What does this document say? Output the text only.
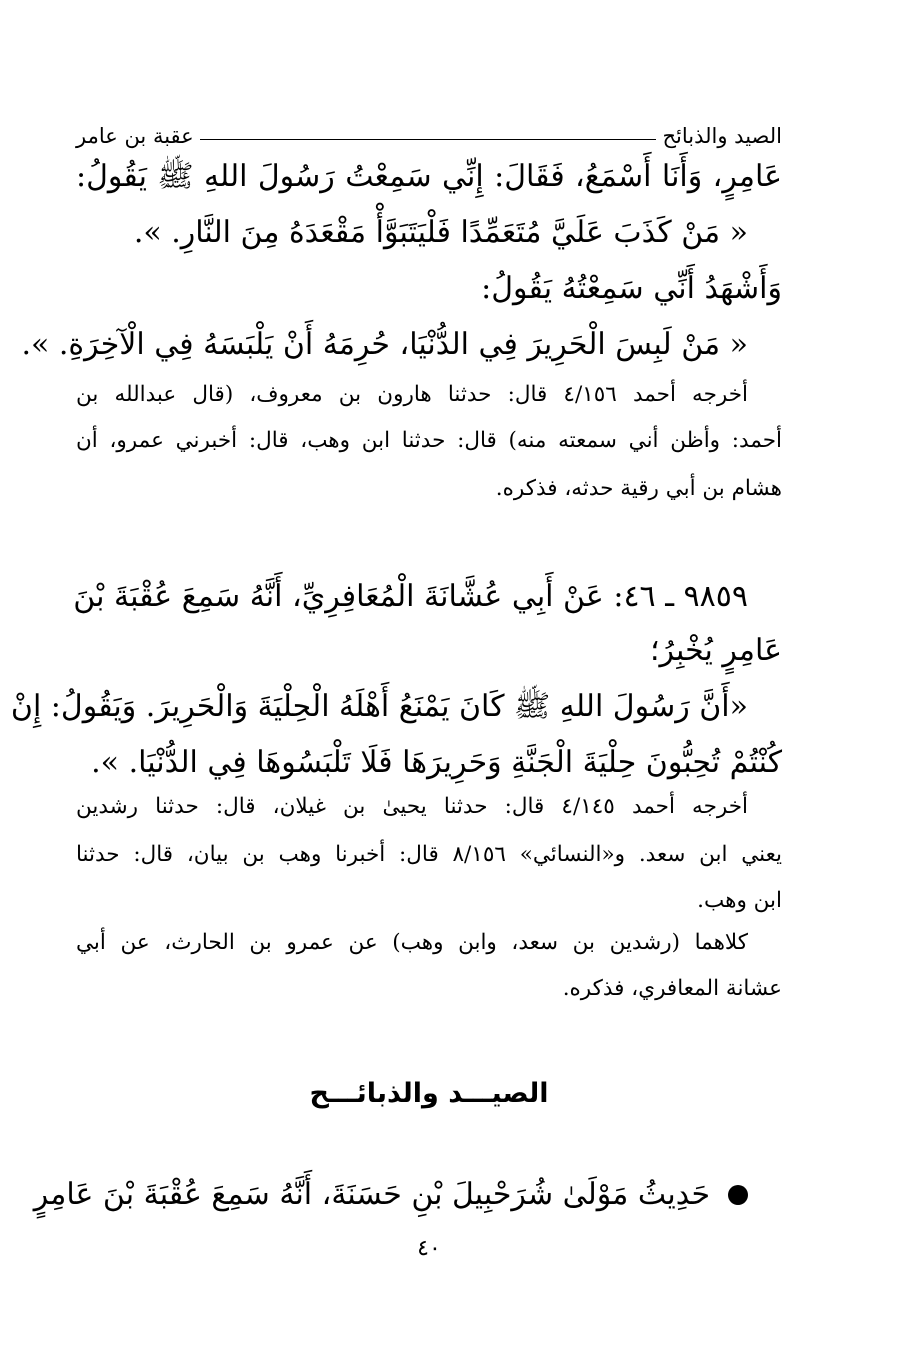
الصيد والذبائح
عقبة بن عامر
عَامِرٍ، وَأَنَا أَسْمَعُ، فَقَالَ: إِنِّي سَمِعْتُ رَسُولَ اللهِ ﷺ يَقُولُ:
« مَنْ كَذَبَ عَلَيَّ مُتَعَمِّدًا فَلْيَتَبَوَّأْ مَقْعَدَهُ مِنَ النَّارِ. ».
وَأَشْهَدُ أَنِّي سَمِعْتُهُ يَقُولُ:
« مَنْ لَبِسَ الْحَرِيرَ فِي الدُّنْيَا، حُرِمَهُ أَنْ يَلْبَسَهُ فِي الْآخِرَةِ. ».
أخرجه أحمد ٤/١٥٦ قال: حدثنا هارون بن معروف، (قال عبدالله بن
أحمد: وأظن أني سمعته منه) قال: حدثنا ابن وهب، قال: أخبرني عمرو، أن
هشام بن أبي رقية حدثه، فذكره.
٩٨٥٩ ـ ٤٦: عَنْ أَبِي عُشَّانَةَ الْمُعَافِرِيِّ، أَنَّهُ سَمِعَ عُقْبَةَ بْنَ
عَامِرٍ يُخْبِرُ؛
«أَنَّ رَسُولَ اللهِ ﷺ كَانَ يَمْنَعُ أَهْلَهُ الْحِلْيَةَ وَالْحَرِيرَ. وَيَقُولُ: إِنْ
كُنْتُمْ تُحِبُّونَ حِلْيَةَ الْجَنَّةِ وَحَرِيرَهَا فَلَا تَلْبَسُوهَا فِي الدُّنْيَا. ».
أخرجه أحمد ٤/١٤٥ قال: حدثنا يحيىٰ بن غيلان، قال: حدثنا رشدين
يعني ابن سعد. و«النسائي» ٨/١٥٦ قال: أخبرنا وهب بن بيان، قال: حدثنا
ابن وهب.
كلاهما (رشدين بن سعد، وابن وهب) عن عمرو بن الحارث، عن أبي
عشانة المعافري، فذكره.
الصيـــد والذبائـــح
حَدِيثُ مَوْلَىٰ شُرَحْبِيلَ بْنِ حَسَنَةَ، أَنَّهُ سَمِعَ عُقْبَةَ بْنَ عَامِرٍ
٤٠
